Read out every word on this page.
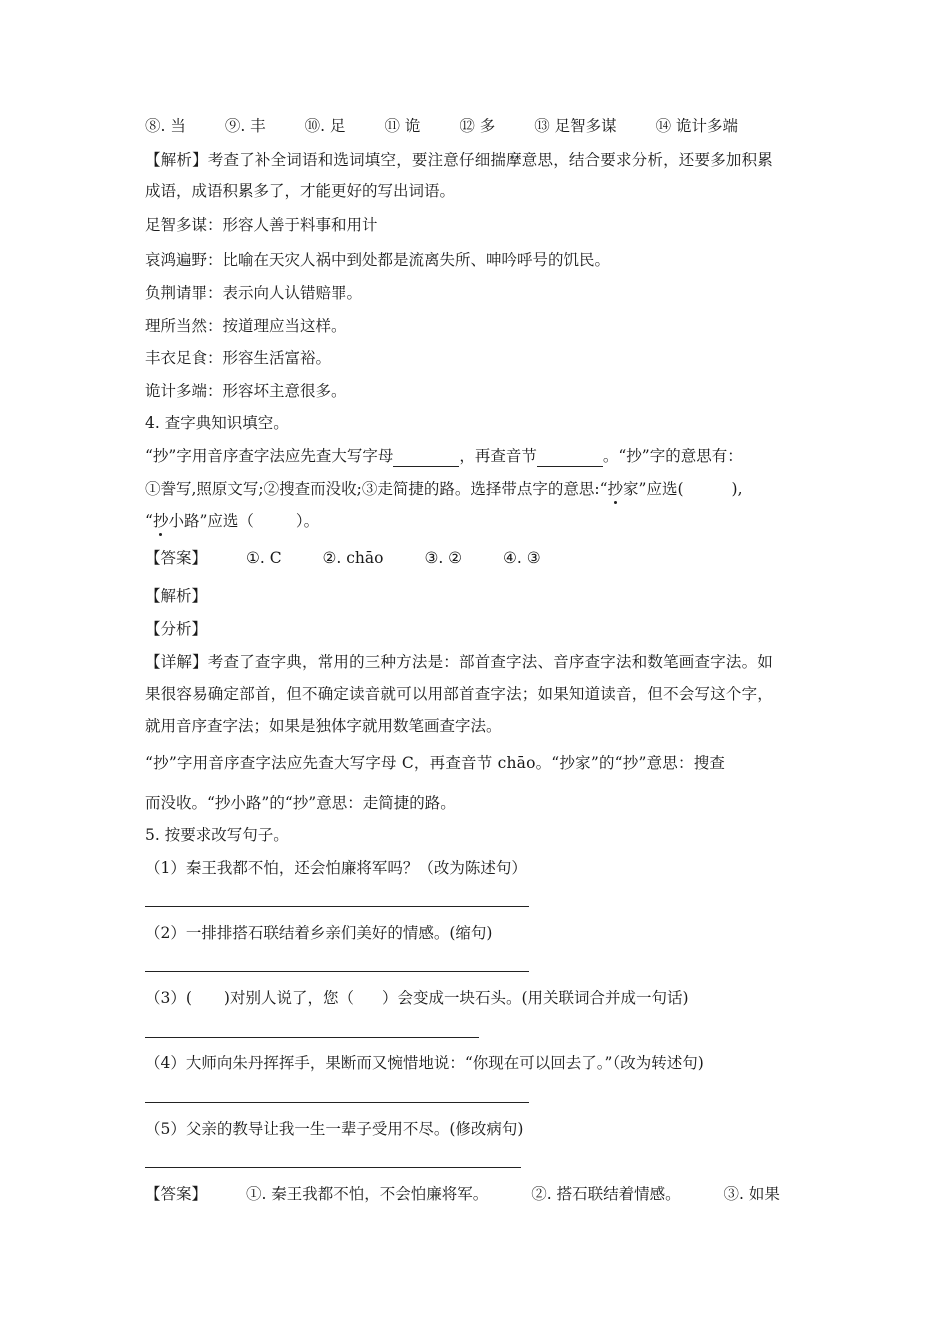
⑧. 当	⑨. 丰	⑩. 足	⑪ 诡	⑫ 多	⑬ 足智多谋	⑭ 诡计多端
【解析】考查了补全词语和选词填空，要注意仔细揣摩意思，结合要求分析，还要多加积累
成语，成语积累多了，才能更好的写出词语。
足智多谋：形容人善于料事和用计
哀鸿遍野：比喻在天灾人祸中到处都是流离失所、呻吟呼号的饥民。
负荆请罪：表示向人认错赔罪。
理所当然：按道理应当这样。
丰衣足食：形容生活富裕。
诡计多端：形容坏主意很多。
4. 查字典知识填空。
“抄”字用音序查字法应先查大写字母	，再查音节	。“抄”字的意思有：
①誊写,照原文写;②搜查而没收;③走简捷的路。选择带点字的意思:“抄家”应选(	),
“抄小路”应选（	）。
【答案】	①. C	②. chāo	③. ②	④. ③
【解析】
【分析】
【详解】考查了查字典，常用的三种方法是：部首查字法、音序查字法和数笔画查字法。如
果很容易确定部首，但不确定读音就可以用部首查字法；如果知道读音，但不会写这个字，
就用音序查字法；如果是独体字就用数笔画查字法。
“抄”字用音序查字法应先查大写字母 C，再查音节 chāo。“抄家”的“抄”意思：搜查
而没收。“抄小路”的“抄”意思：走简捷的路。
5. 按要求改写句子。
（1）秦王我都不怕，还会怕廉将军吗？（改为陈述句）
（2）一排排搭石联结着乡亲们美好的情感。(缩句)
（3）( )对别人说了，您（ ）会变成一块石头。(用关联词合并成一句话)
（4）大师向朱丹挥挥手，果断而又惋惜地说：“你现在可以回去了。”（改为转述句)
（5）父亲的教导让我一生一辈子受用不尽。(修改病句)
【答案】	①. 秦王我都不怕，不会怕廉将军。	②. 搭石联结着情感。	③. 如果
